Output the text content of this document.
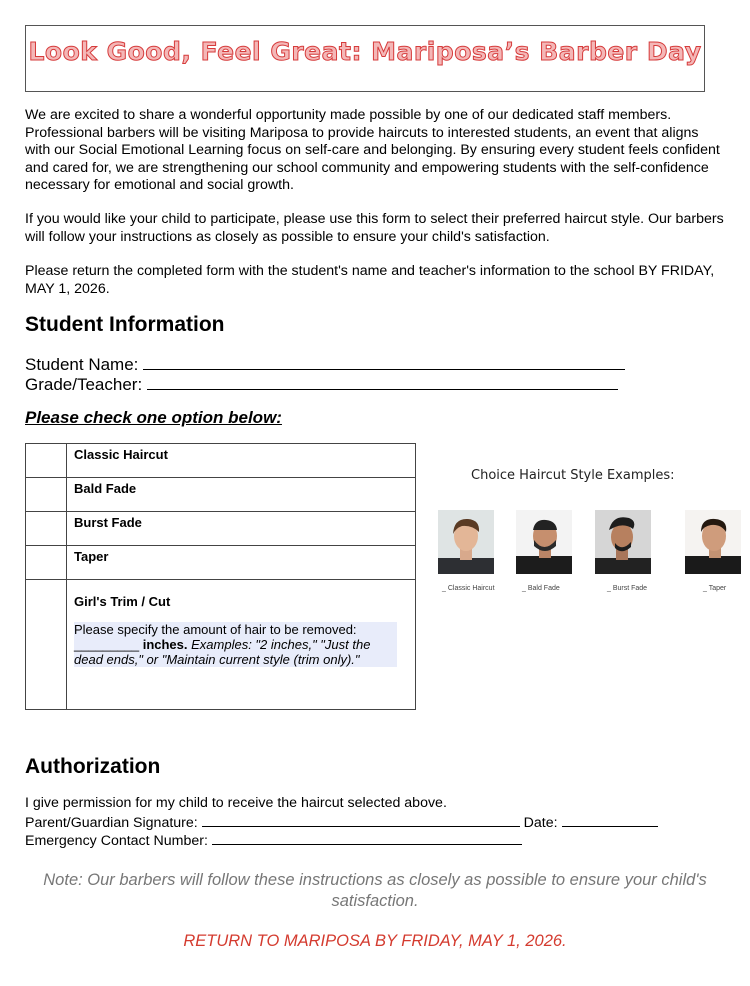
Look Good, Feel Great: Mariposa’s Barber Day
We are excited to share a wonderful opportunity made possible by one of our dedicated staff members. Professional barbers will be visiting Mariposa to provide haircuts to interested students, an event that aligns with our Social Emotional Learning focus on self-care and belonging. By ensuring every student feels confident and cared for, we are strengthening our school community and empowering students with the self-confidence necessary for emotional and social growth.
If you would like your child to participate, please use this form to select their preferred haircut style. Our barbers will follow your instructions as closely as possible to ensure your child's satisfaction.
Please return the completed form with the student's name and teacher's information to the school BY FRIDAY, MAY 1, 2026.
Student Information
Student Name:
Grade/Teacher:
Please check one option below:
	Classic Haircut
	Bald Fade
	Burst Fade
	Taper

	Girl's Trim / Cut
Please specify the amount of hair to be removed:
_________ inches. Examples: "2 inches," "Just the dead ends," or "Maintain current style (trim only)."
Choice Haircut Style Examples:
_ Classic Haircut	_ Bald Fade	_ Burst Fade	_ Taper
Authorization
I give permission for my child to receive the haircut selected above.
Parent/Guardian Signature:	Date:
Emergency Contact Number:
Note: Our barbers will follow these instructions as closely as possible to ensure your child's satisfaction.
RETURN TO MARIPOSA BY FRIDAY, MAY 1, 2026.
